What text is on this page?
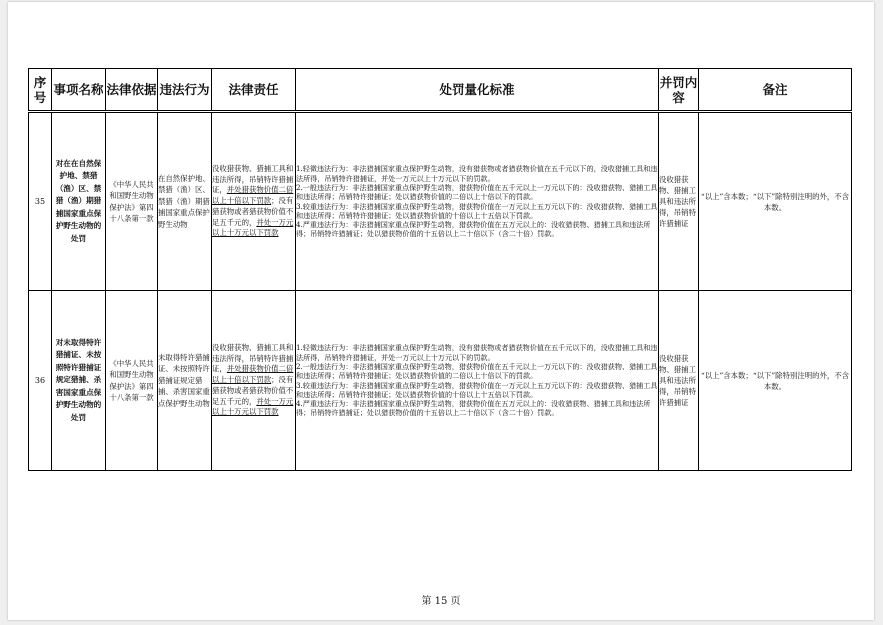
序号	事项名称	法律依据	违法行为	法律责任	处罚量化标准	并罚内容	备注
35	对在在自然保护地、禁猎（渔）区、禁猎（渔）期猎捕国家重点保护野生动物的处罚	《中华人民共和国野生动物保护法》第四十八条第一款	在自然保护地、禁猎（渔）区、禁猎（渔）期猎捕国家重点保护野生动物	没收猎获物、猎捕工具和违法所得，吊销特许猎捕证，并处猎获物价值二倍以上十倍以下罚款；没有猎获物或者猎获物价值不足五千元的，并处一万元以上十万元以下罚款	1.轻微违法行为：非法猎捕国家重点保护野生动物，没有猎获物或者猎获物价值在五千元以下的，没收猎捕工具和违法所得，吊销特许猎捕证，并处一万元以上十万元以下的罚款。
2.一般违法行为：非法猎捕国家重点保护野生动物，猎获物价值在五千元以上一万元以下的：没收猎获物、猎捕工具和违法所得；吊销特许猎捕证；处以猎获物价值的二倍以上十倍以下的罚款。
3.较重违法行为：非法猎捕国家重点保护野生动物，猎获物价值在一万元以上五万元以下的：没收猎获物、猎捕工具和违法所得；吊销特许猎捕证；处以猎获物价值的十倍以上十五倍以下罚款。
4.严重违法行为：非法猎捕国家重点保护野生动物，猎获物价值在五万元以上的：没收猎获物、猎捕工具和违法所得；吊销特许猎捕证；处以猎获物价值的十五倍以上二十倍以下（含二十倍）罚款。	没收猎获物、猎捕工具和违法所得，吊销特许猎捕证	“以上”含本数；“以下”除特别注明的外，不含本数。
36	对未取得特许猎捕证、未按照特许猎捕证规定猎捕、杀害国家重点保护野生动物的处罚	《中华人民共和国野生动物保护法》第四十八条第一款	未取得特许猎捕证、未按照特许猎捕证规定猎捕、杀害国家重点保护野生动物	没收猎获物、猎捕工具和违法所得，吊销特许猎捕证，并处猎获物价值二倍以上十倍以下罚款；没有猎获物或者猎获物价值不足五千元的，并处一万元以上十万元以下罚款	1.轻微违法行为：非法猎捕国家重点保护野生动物，没有猎获物或者猎获物价值在五千元以下的，没收猎捕工具和违法所得，吊销特许猎捕证，并处一万元以上十万元以下的罚款。
2.一般违法行为：非法猎捕国家重点保护野生动物，猎获物价值在五千元以上一万元以下的：没收猎获物、猎捕工具和违法所得；吊销特许猎捕证；处以猎获物价值的二倍以上十倍以下的罚款。
3.较重违法行为：非法猎捕国家重点保护野生动物，猎获物价值在一万元以上五万元以下的：没收猎获物、猎捕工具和违法所得；吊销特许猎捕证；处以猎获物价值的十倍以上十五倍以下罚款。
4.严重违法行为：非法猎捕国家重点保护野生动物，猎获物价值在五万元以上的：没收猎获物、猎捕工具和违法所得；吊销特许猎捕证；处以猎获物价值的十五倍以上二十倍以下（含二十倍）罚款。	没收猎获物、猎捕工具和违法所得，吊销特许猎捕证	“以上”含本数；“以下”除特别注明的外，不含本数。
第 15 页
